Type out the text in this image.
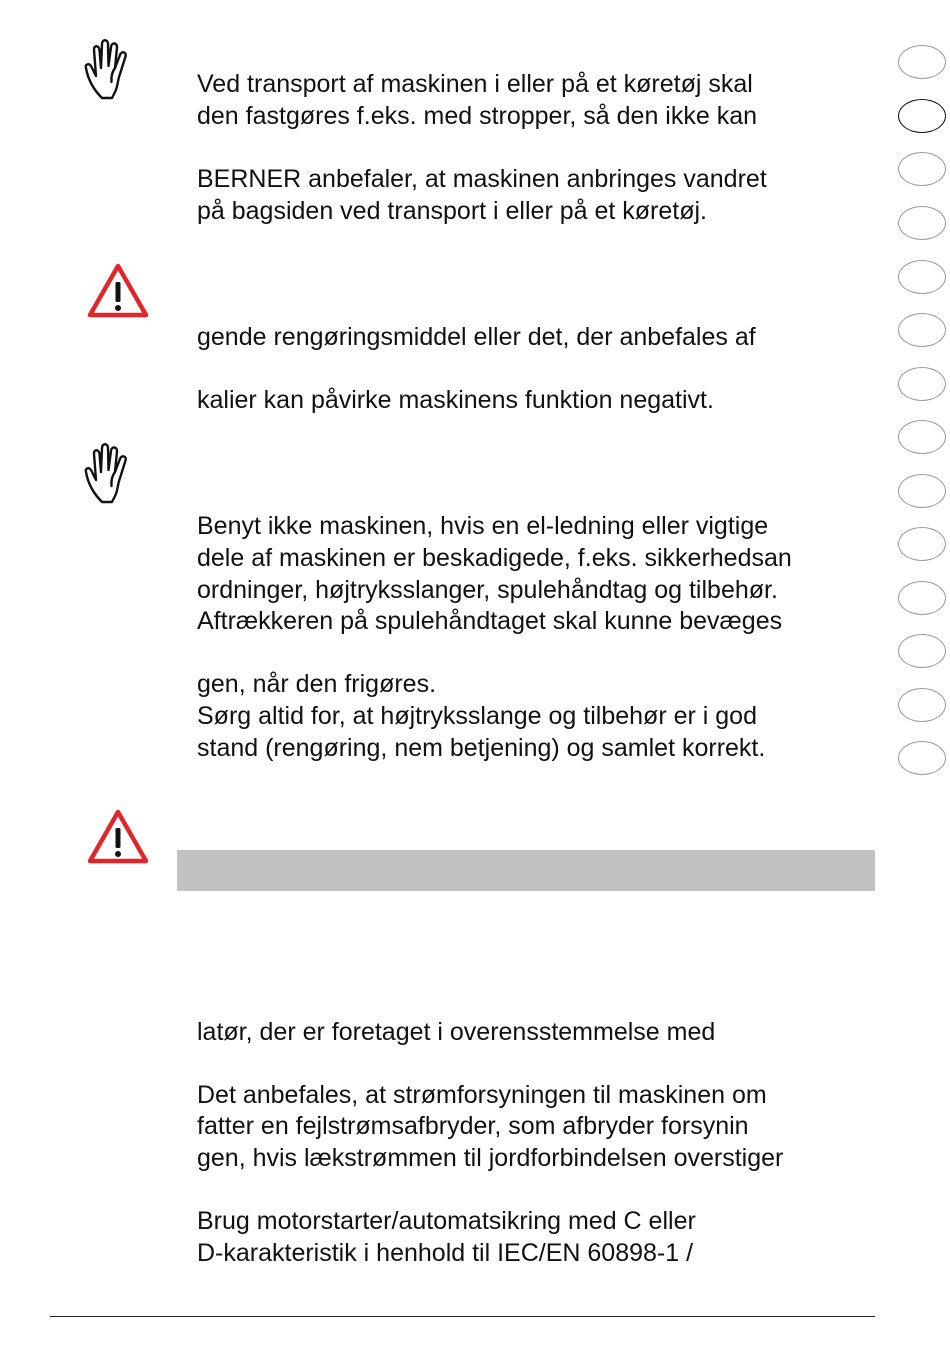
Ved transport af maskinen i eller på et køretøj skal
den fastgøres f.eks. med stropper, så den ikke kan
BERNER anbefaler, at maskinen anbringes vandret
på bagsiden ved transport i eller på et køretøj.
gende rengøringsmiddel eller det, der anbefales af
kalier kan påvirke maskinens funktion negativt.
Benyt ikke maskinen, hvis en el-ledning eller vigtige
dele af maskinen er beskadigede, f.eks. sikkerhedsan
ordninger, højtryksslanger, spulehåndtag og tilbehør.
Aftrækkeren på spulehåndtaget skal kunne bevæges
gen, når den frigøres.
Sørg altid for, at højtryksslange og tilbehør er i god
stand (rengøring, nem betjening) og samlet korrekt.
latør, der er foretaget i overensstemmelse med
Det anbefales, at strømforsyningen til maskinen om
fatter en fejlstrømsafbryder, som afbryder forsynin
gen, hvis lækstrømmen til jordforbindelsen overstiger
Brug motorstarter/automatsikring med C eller
D-karakteristik i henhold til IEC/EN 60898-1 /
